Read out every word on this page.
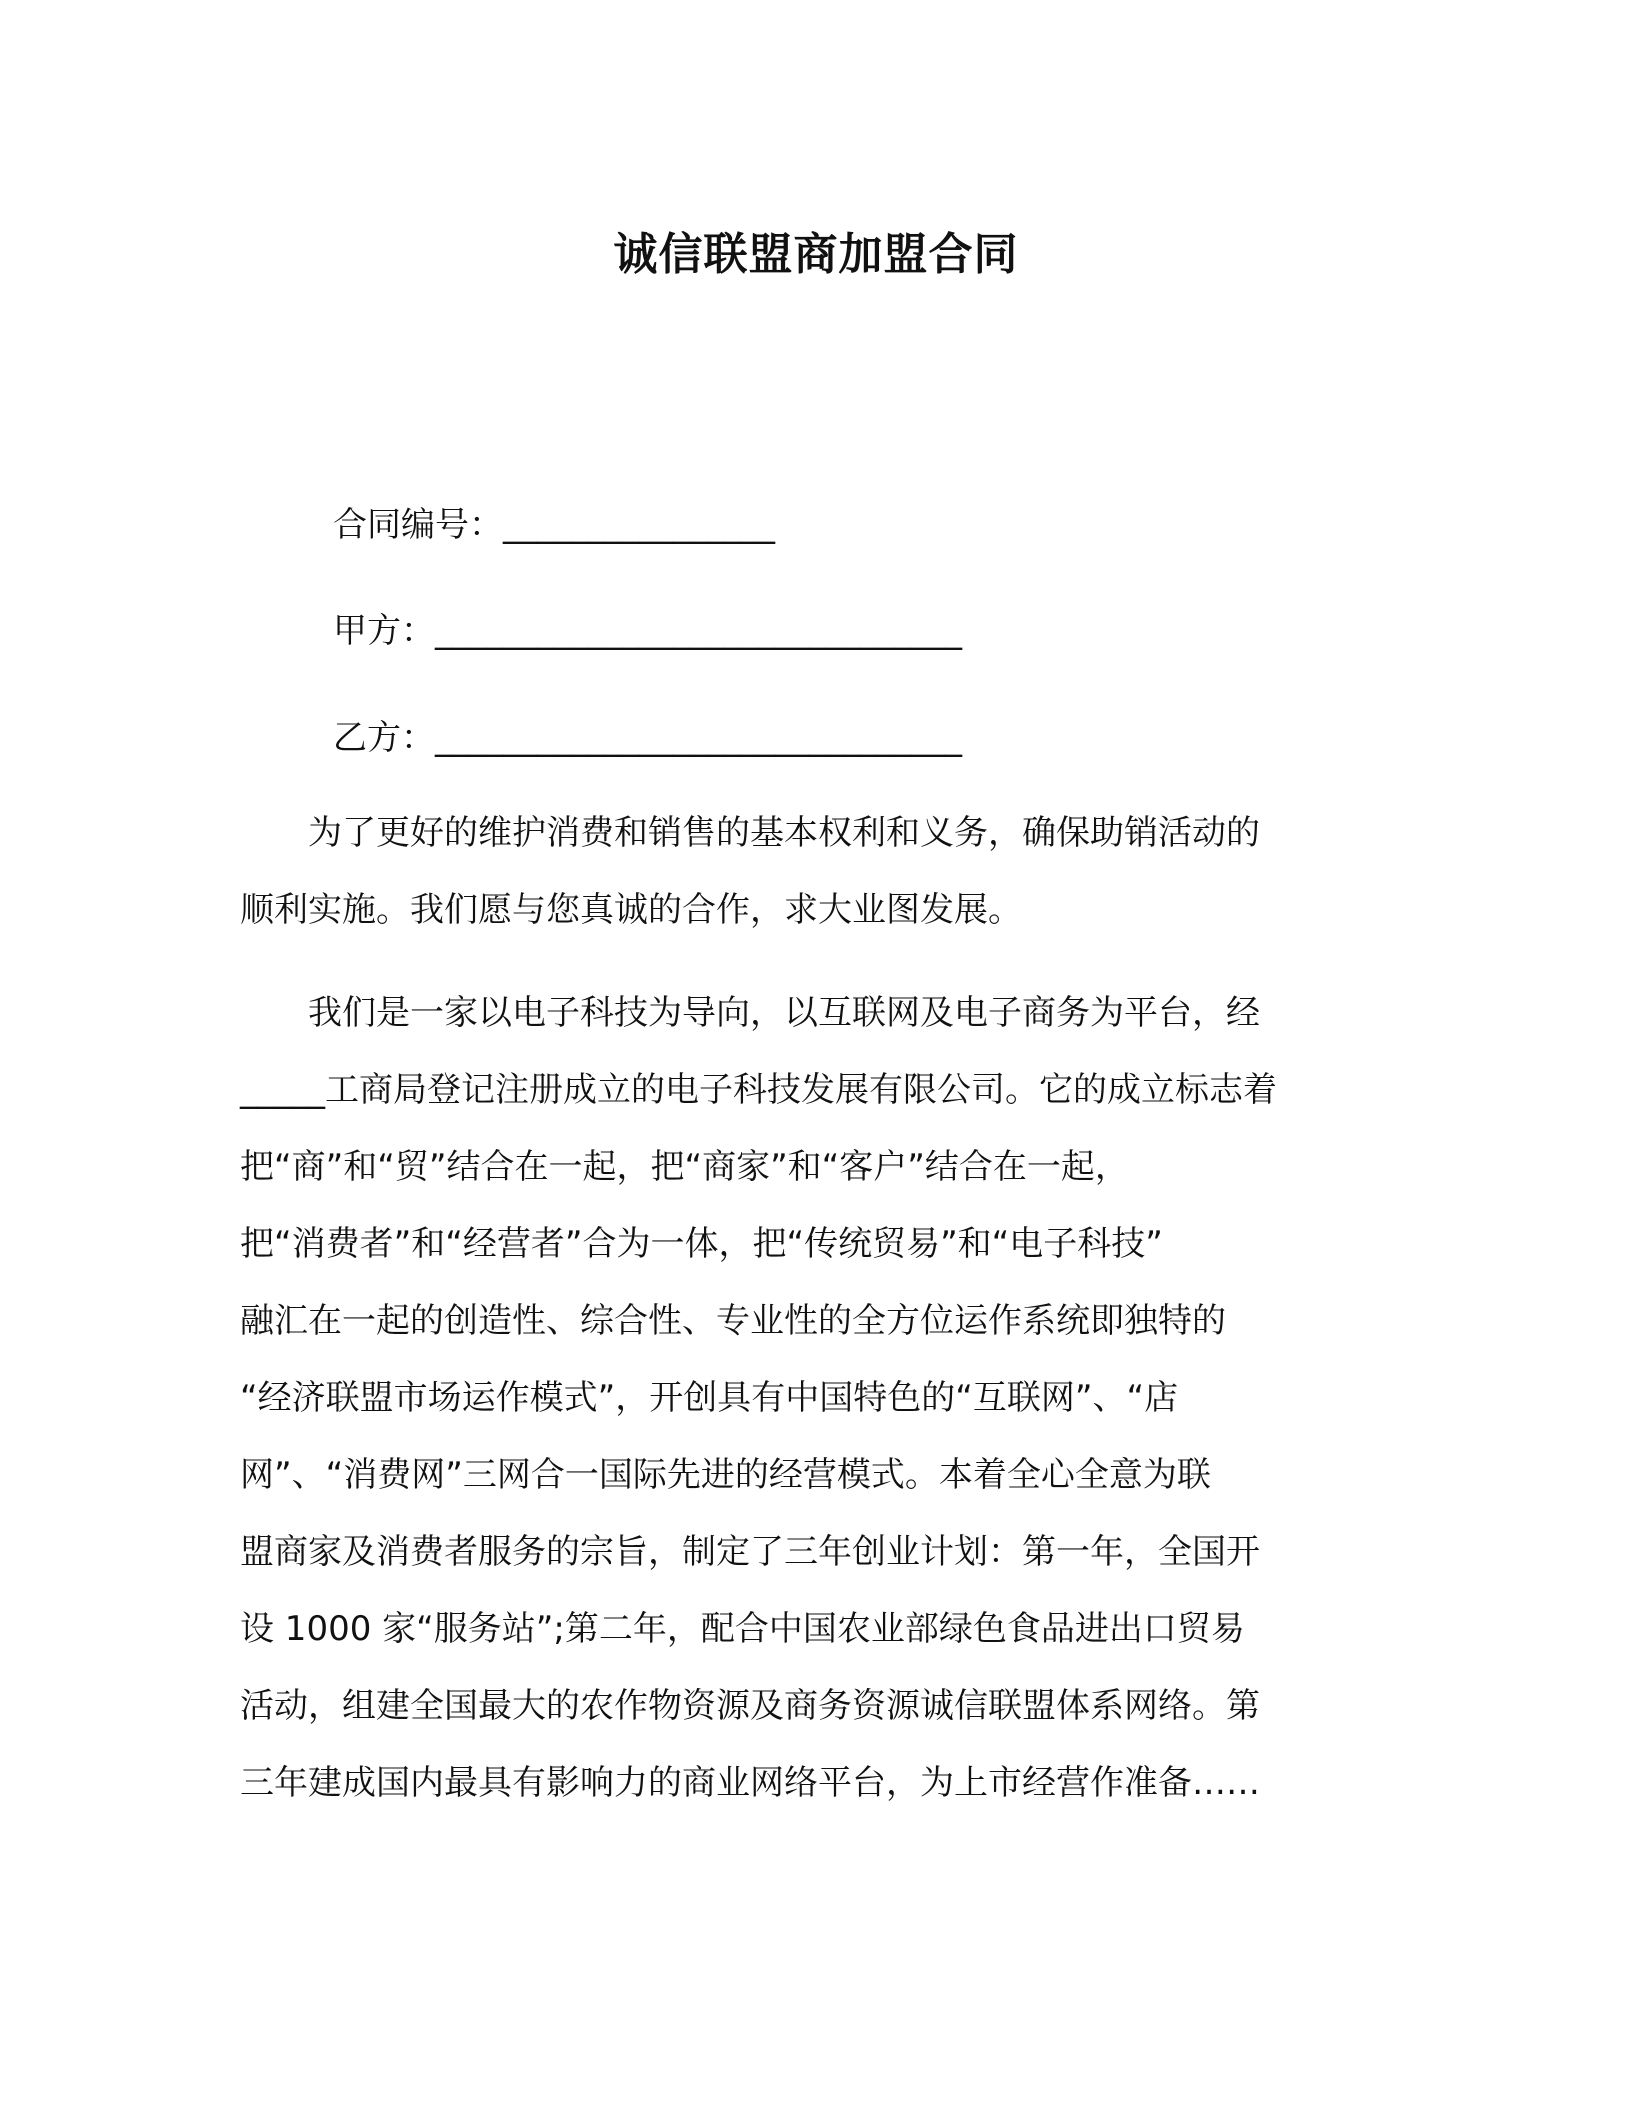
诚信联盟商加盟合同

合同编号：________________

甲方：_______________________________

乙方：_______________________________

　　为了更好的维护消费和销售的基本权利和义务，确保助销活动的
顺利实施。我们愿与您真诚的合作，求大业图发展。

　　我们是一家以电子科技为导向，以互联网及电子商务为平台，经
_____工商局登记注册成立的电子科技发展有限公司。它的成立标志着
把“商”和“贸”结合在一起，把“商家”和“客户”结合在一起，
把“消费者”和“经营者”合为一体，把“传统贸易”和“电子科技”
融汇在一起的创造性、综合性、专业性的全方位运作系统即独特的
“经济联盟市场运作模式”，开创具有中国特色的“互联网”、“店
网”、“消费网”三网合一国际先进的经营模式。本着全心全意为联
盟商家及消费者服务的宗旨，制定了三年创业计划：第一年，全国开
设 1000 家“服务站”;第二年，配合中国农业部绿色食品进出口贸易
活动，组建全国最大的农作物资源及商务资源诚信联盟体系网络。第
三年建成国内最具有影响力的商业网络平台，为上市经营作准备……
